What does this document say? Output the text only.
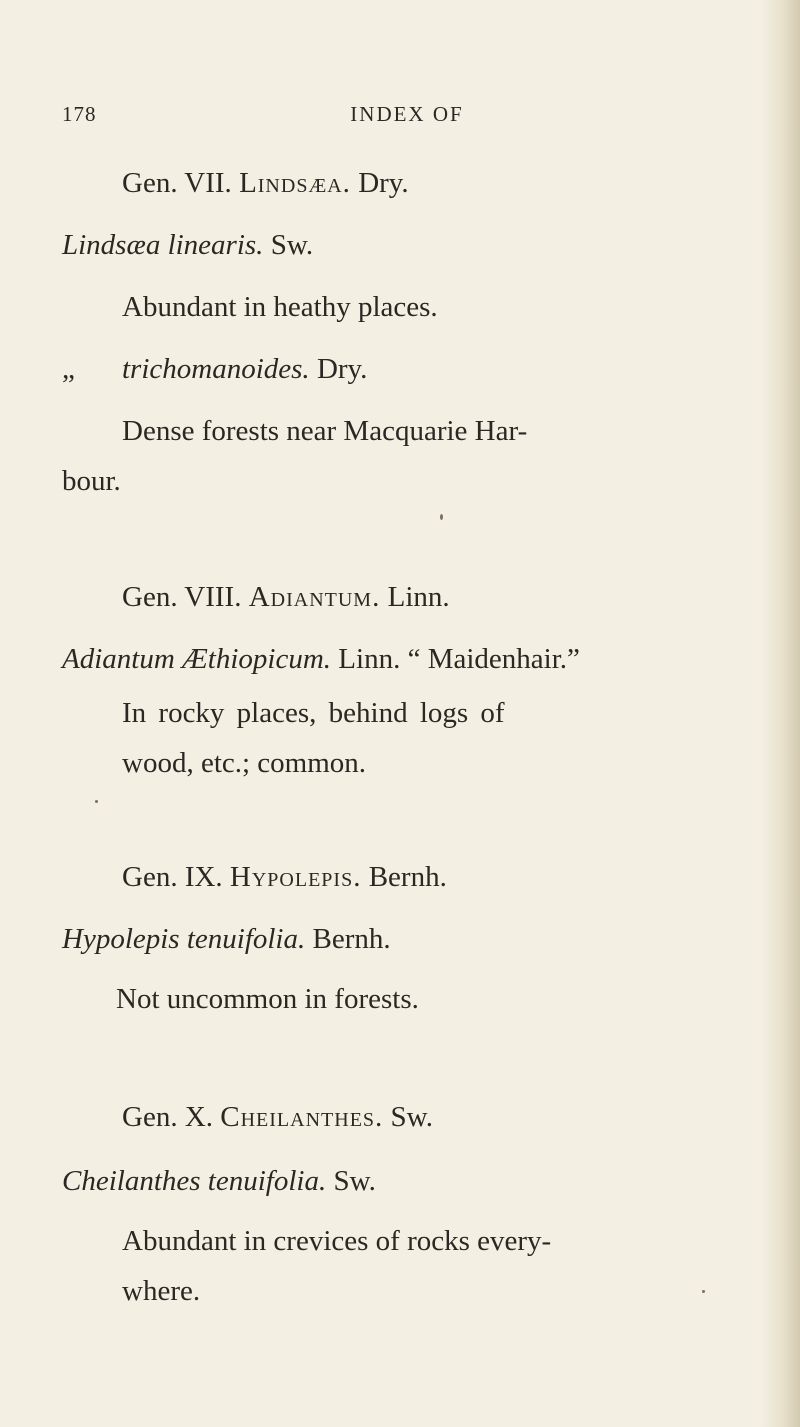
178	INDEX OF
Gen. VII. Lindsæa. Dry.
Lindsæa linearis. Sw.
Abundant in heathy places.
„ trichomanoides. Dry.
Dense forests near Macquarie Har-
bour.
Gen. VIII. Adiantum. Linn.
Adiantum Æthiopicum. Linn. “ Maidenhair.”
In rocky places, behind logs of
wood, etc.; common.
Gen. IX. Hypolepis. Bernh.
Hypolepis tenuifolia. Bernh.
Not uncommon in forests.
Gen. X. Cheilanthes. Sw.
Cheilanthes tenuifolia. Sw.
Abundant in crevices of rocks every-
where.
